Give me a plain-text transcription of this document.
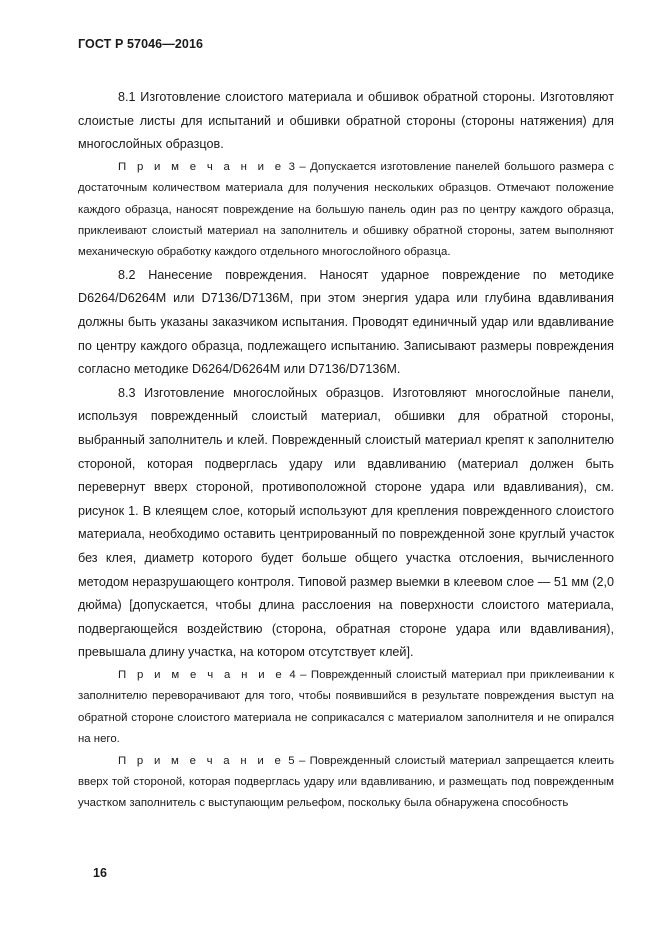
ГОСТ Р 57046—2016

8.1 Изготовление слоистого материала и обшивок обратной стороны. Изготовляют слоистые листы для испытаний и обшивки обратной стороны (стороны натяжения) для многослойных образцов.

П р и м е ч а н и е 3 – Допускается изготовление панелей большого размера с достаточным количеством материала для получения нескольких образцов. Отмечают положение каждого образца, наносят повреждение на большую панель один раз по центру каждого образца, приклеивают слоистый материал на заполнитель и обшивку обратной стороны, затем выполняют механическую обработку каждого отдельного многослойного образца.

8.2 Нанесение повреждения. Наносят ударное повреждение по методике D6264/D6264M или D7136/D7136M, при этом энергия удара или глубина вдавливания должны быть указаны заказчиком испытания. Проводят единичный удар или вдавливание по центру каждого образца, подлежащего испытанию. Записывают размеры повреждения согласно методике D6264/D6264M или D7136/D7136M.

8.3 Изготовление многослойных образцов. Изготовляют многослойные панели, используя поврежденный слоистый материал, обшивки для обратной стороны, выбранный заполнитель и клей. Поврежденный слоистый материал крепят к заполнителю стороной, которая подверглась удару или вдавливанию (материал должен быть перевернут вверх стороной, противоположной стороне удара или вдавливания), см. рисунок 1. В клеящем слое, который используют для крепления поврежденного слоистого материала, необходимо оставить центрированный по поврежденной зоне круглый участок без клея, диаметр которого будет больше общего участка отслоения, вычисленного методом неразрушающего контроля. Типовой размер выемки в клеевом слое — 51 мм (2,0 дюйма) [допускается, чтобы длина расслоения на поверхности слоистого материала, подвергающейся воздействию (сторона, обратная стороне удара или вдавливания), превышала длину участка, на котором отсутствует клей].

П р и м е ч а н и е 4 – Поврежденный слоистый материал при приклеивании к заполнителю переворачивают для того, чтобы появившийся в результате повреждения выступ на обратной стороне слоистого материала не соприкасался с материалом заполнителя и не опирался на него.

П р и м е ч а н и е 5 – Поврежденный слоистый материал запрещается клеить вверх той стороной, которая подверглась удару или вдавливанию, и размещать под поврежденным участком заполнитель с выступающим рельефом, поскольку была обнаружена способность

16
